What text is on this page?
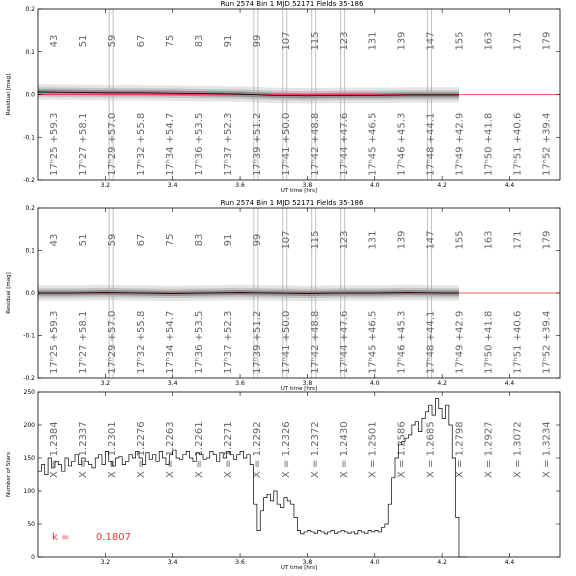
Run 2574 Bin 1 MJD 52171 Fields 35-186
43 51 59 67 75 83 91 99 107 115 123 131 139 147 155 163 171 179
17ʰ25 +59.3 17ʰ27 +58.1 17ʰ29 +57.0 17ʰ32 +55.8 17ʰ34 +54.7 17ʰ36 +53.5 17ʰ37 +52.3 17ʰ39 +51.2 17ʰ41 +50.0 17ʰ42 +48.8 17ʰ44 +47.6 17ʰ45 +46.5 17ʰ46 +45.3 17ʰ48 +44.1 17ʰ49 +42.9 17ʰ50 +41.8 17ʰ51 +40.6 17ʰ52 +39.4
3.2	3.4	3.6	3.8	4.0	4.2	4.4
-0.2
-0.1
0.0
0.1
0.2
UT time [hrs]
Residual [mag]
Run 2574 Bin 1 MJD 52171 Fields 35-186
43 51 59 67 75 83 91 99 107 115 123 131 139 147 155 163 171 179
17ʰ25 +59.3 17ʰ27 +58.1 17ʰ29 +57.0 17ʰ32 +55.8 17ʰ34 +54.7 17ʰ36 +53.5 17ʰ37 +52.3 17ʰ39 +51.2 17ʰ41 +50.0 17ʰ42 +48.8 17ʰ44 +47.6 17ʰ45 +46.5 17ʰ46 +45.3 17ʰ48 +44.1 17ʰ49 +42.9 17ʰ50 +41.8 17ʰ51 +40.6 17ʰ52 +39.4
3.2	3.4	3.6	3.8	4.0	4.2	4.4
-0.2
-0.1
0.0
0.1
0.2
UT time [hrs]
Residual [mag]
X = 1.2384 X = 1.2337 X = 1.2301 X = 1.2276 X = 1.2263 X = 1.2261 X = 1.2271 X = 1.2292 X = 1.2326 X = 1.2372 X = 1.2430 X = 1.2501 X = 1.2586 X = 1.2685 X = 1.2798 X = 1.2927 X = 1.3072 X = 1.3234
3.2	3.4	3.6	3.8	4.0	4.2	4.4
0
50
100
150
200
250
UT time [hrs]
Number of Stars
k =	0.1807
